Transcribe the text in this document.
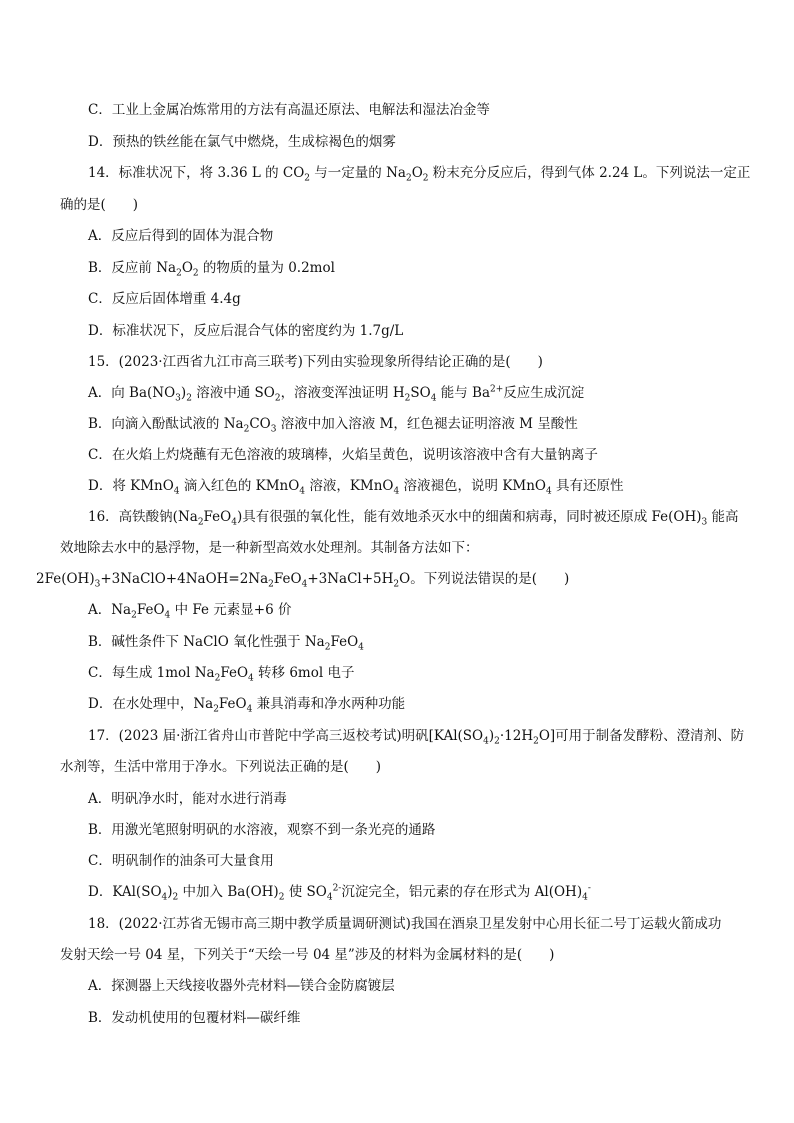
C．工业上金属冶炼常用的方法有高温还原法、电解法和湿法冶金等
D．预热的铁丝能在氯气中燃烧，生成棕褐色的烟雾
14．标准状况下，将 3.36 L 的 $CO_2$ 与一定量的 $Na_2O_2$ 粉末充分反应后，得到气体 2.24 L。下列说法一定正
确的是(　　)
A．反应后得到的固体为混合物
B．反应前 $Na_2O_2$ 的物质的量为 0.2mol
C．反应后固体增重 4.4g
D．标准状况下，反应后混合气体的密度约为 1.7g/L
15．(2023·江西省九江市高三联考)下列由实验现象所得结论正确的是(　　)
A．向 $Ba(NO_3)_2$ 溶液中通 $SO_2$，溶液变浑浊证明 $H_2SO_4$ 能与 $Ba^{2+}$反应生成沉淀
B．向滴入酚酞试液的 $Na_2CO_3$ 溶液中加入溶液 M，红色褪去证明溶液 M 呈酸性
C．在火焰上灼烧蘸有无色溶液的玻璃棒，火焰呈黄色，说明该溶液中含有大量钠离子
D．将 KMnO$_4$ 滴入红色的 KMnO$_4$ 溶液，KMnO$_4$ 溶液褪色，说明 KMnO$_4$ 具有还原性
16．高铁酸钠$(Na_2FeO_4)$具有很强的氧化性，能有效地杀灭水中的细菌和病毒，同时被还原成 $Fe(OH)_3$ 能高
效地除去水中的悬浮物，是一种新型高效水处理剂。其制备方法如下：
$2Fe(OH)_3+3NaClO+4NaOH=2Na_2FeO_4+3NaCl+5H_2O$。下列说法错误的是(　　)
A．$Na_2FeO_4$ 中 Fe 元素显+6 价
B．碱性条件下 NaClO 氧化性强于 $Na_2FeO_4$
C．每生成 1mol $Na_2FeO_4$ 转移 6mol 电子
D．在水处理中，$Na_2FeO_4$ 兼具消毒和净水两种功能
17．(2023 届·浙江省舟山市普陀中学高三返校考试)明矾$[KAl(SO_4)_2\cdot 12H_2O]$可用于制备发酵粉、澄清剂、防
水剂等，生活中常用于净水。下列说法正确的是(　　)
A．明矾净水时，能对水进行消毒
B．用激光笔照射明矾的水溶液，观察不到一条光亮的通路
C．明矾制作的油条可大量食用
D．$KAl(SO_4)_2$ 中加入 $Ba(OH)_2$ 使 $SO_4^{2-}$沉淀完全，铝元素的存在形式为 $Al(OH)_4^-$
18．(2022·江苏省无锡市高三期中教学质量调研测试)我国在酒泉卫星发射中心用长征二号丁运载火箭成功
发射天绘一号 04 星，下列关于“天绘一号 04 星”涉及的材料为金属材料的是(　　)
A．探测器上天线接收器外壳材料—镁合金防腐镀层
B．发动机使用的包覆材料—碳纤维
